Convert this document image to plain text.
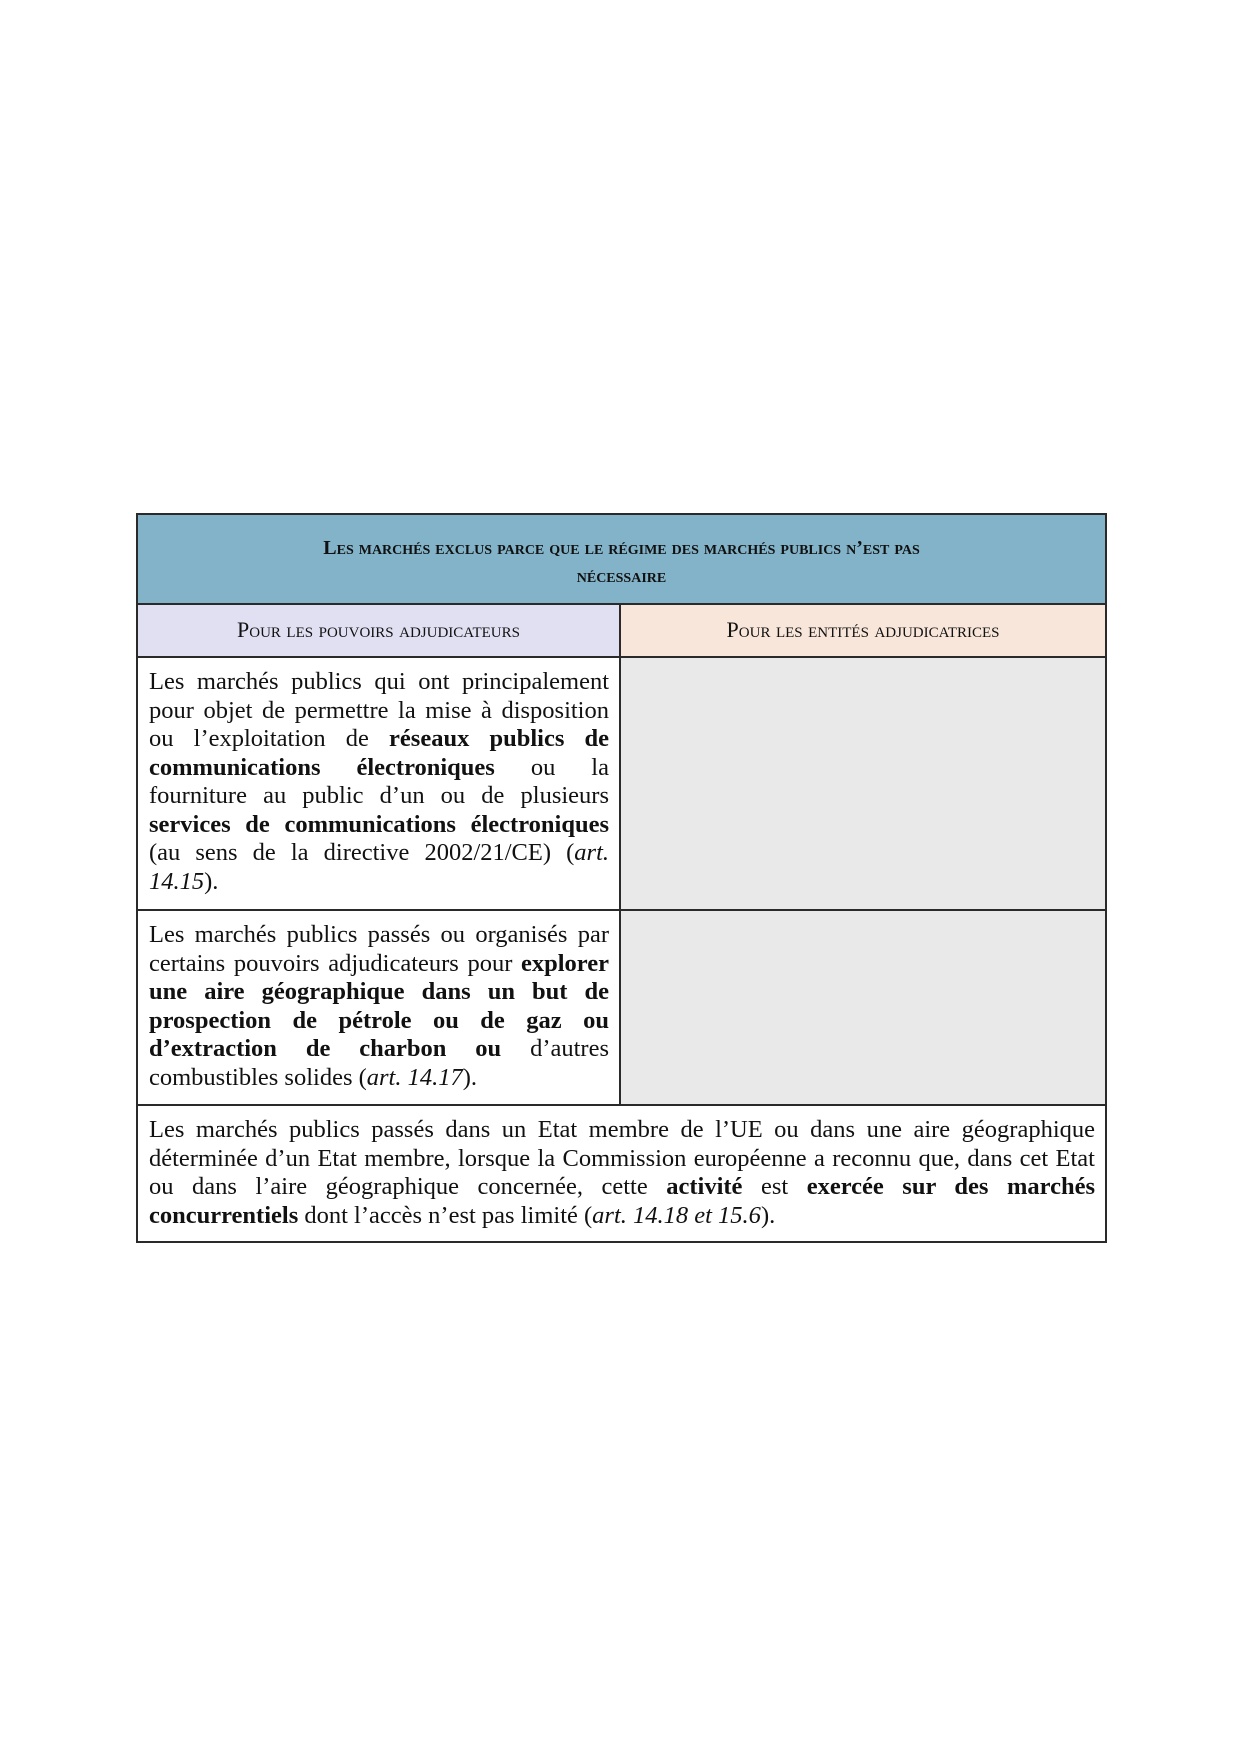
Les marchés exclus parce que le régime des marchés publics n’est pas
nécessaire	
Pour les pouvoirs adjudicateurs	Pour les entités adjudicatrices
Les marchés publics qui ont principalement pour objet de permettre la mise à disposition ou l’exploitation de réseaux publics de communications électroniques ou la fourniture au public d’un ou de plusieurs services de communications électroniques (au sens de la directive 2002/21/CE) (art. 14.15).	
Les marchés publics passés ou organisés par certains pouvoirs adjudicateurs pour explorer une aire géographique dans un but de prospection de pétrole ou de gaz ou d’extraction de charbon ou d’autres combustibles solides (art. 14.17).	
Les marchés publics passés dans un Etat membre de l’UE ou dans une aire géographique déterminée d’un Etat membre, lorsque la Commission européenne a reconnu que, dans cet Etat ou dans l’aire géographique concernée, cette activité est exercée sur des marchés concurrentiels dont l’accès n’est pas limité (art. 14.18 et 15.6).	
